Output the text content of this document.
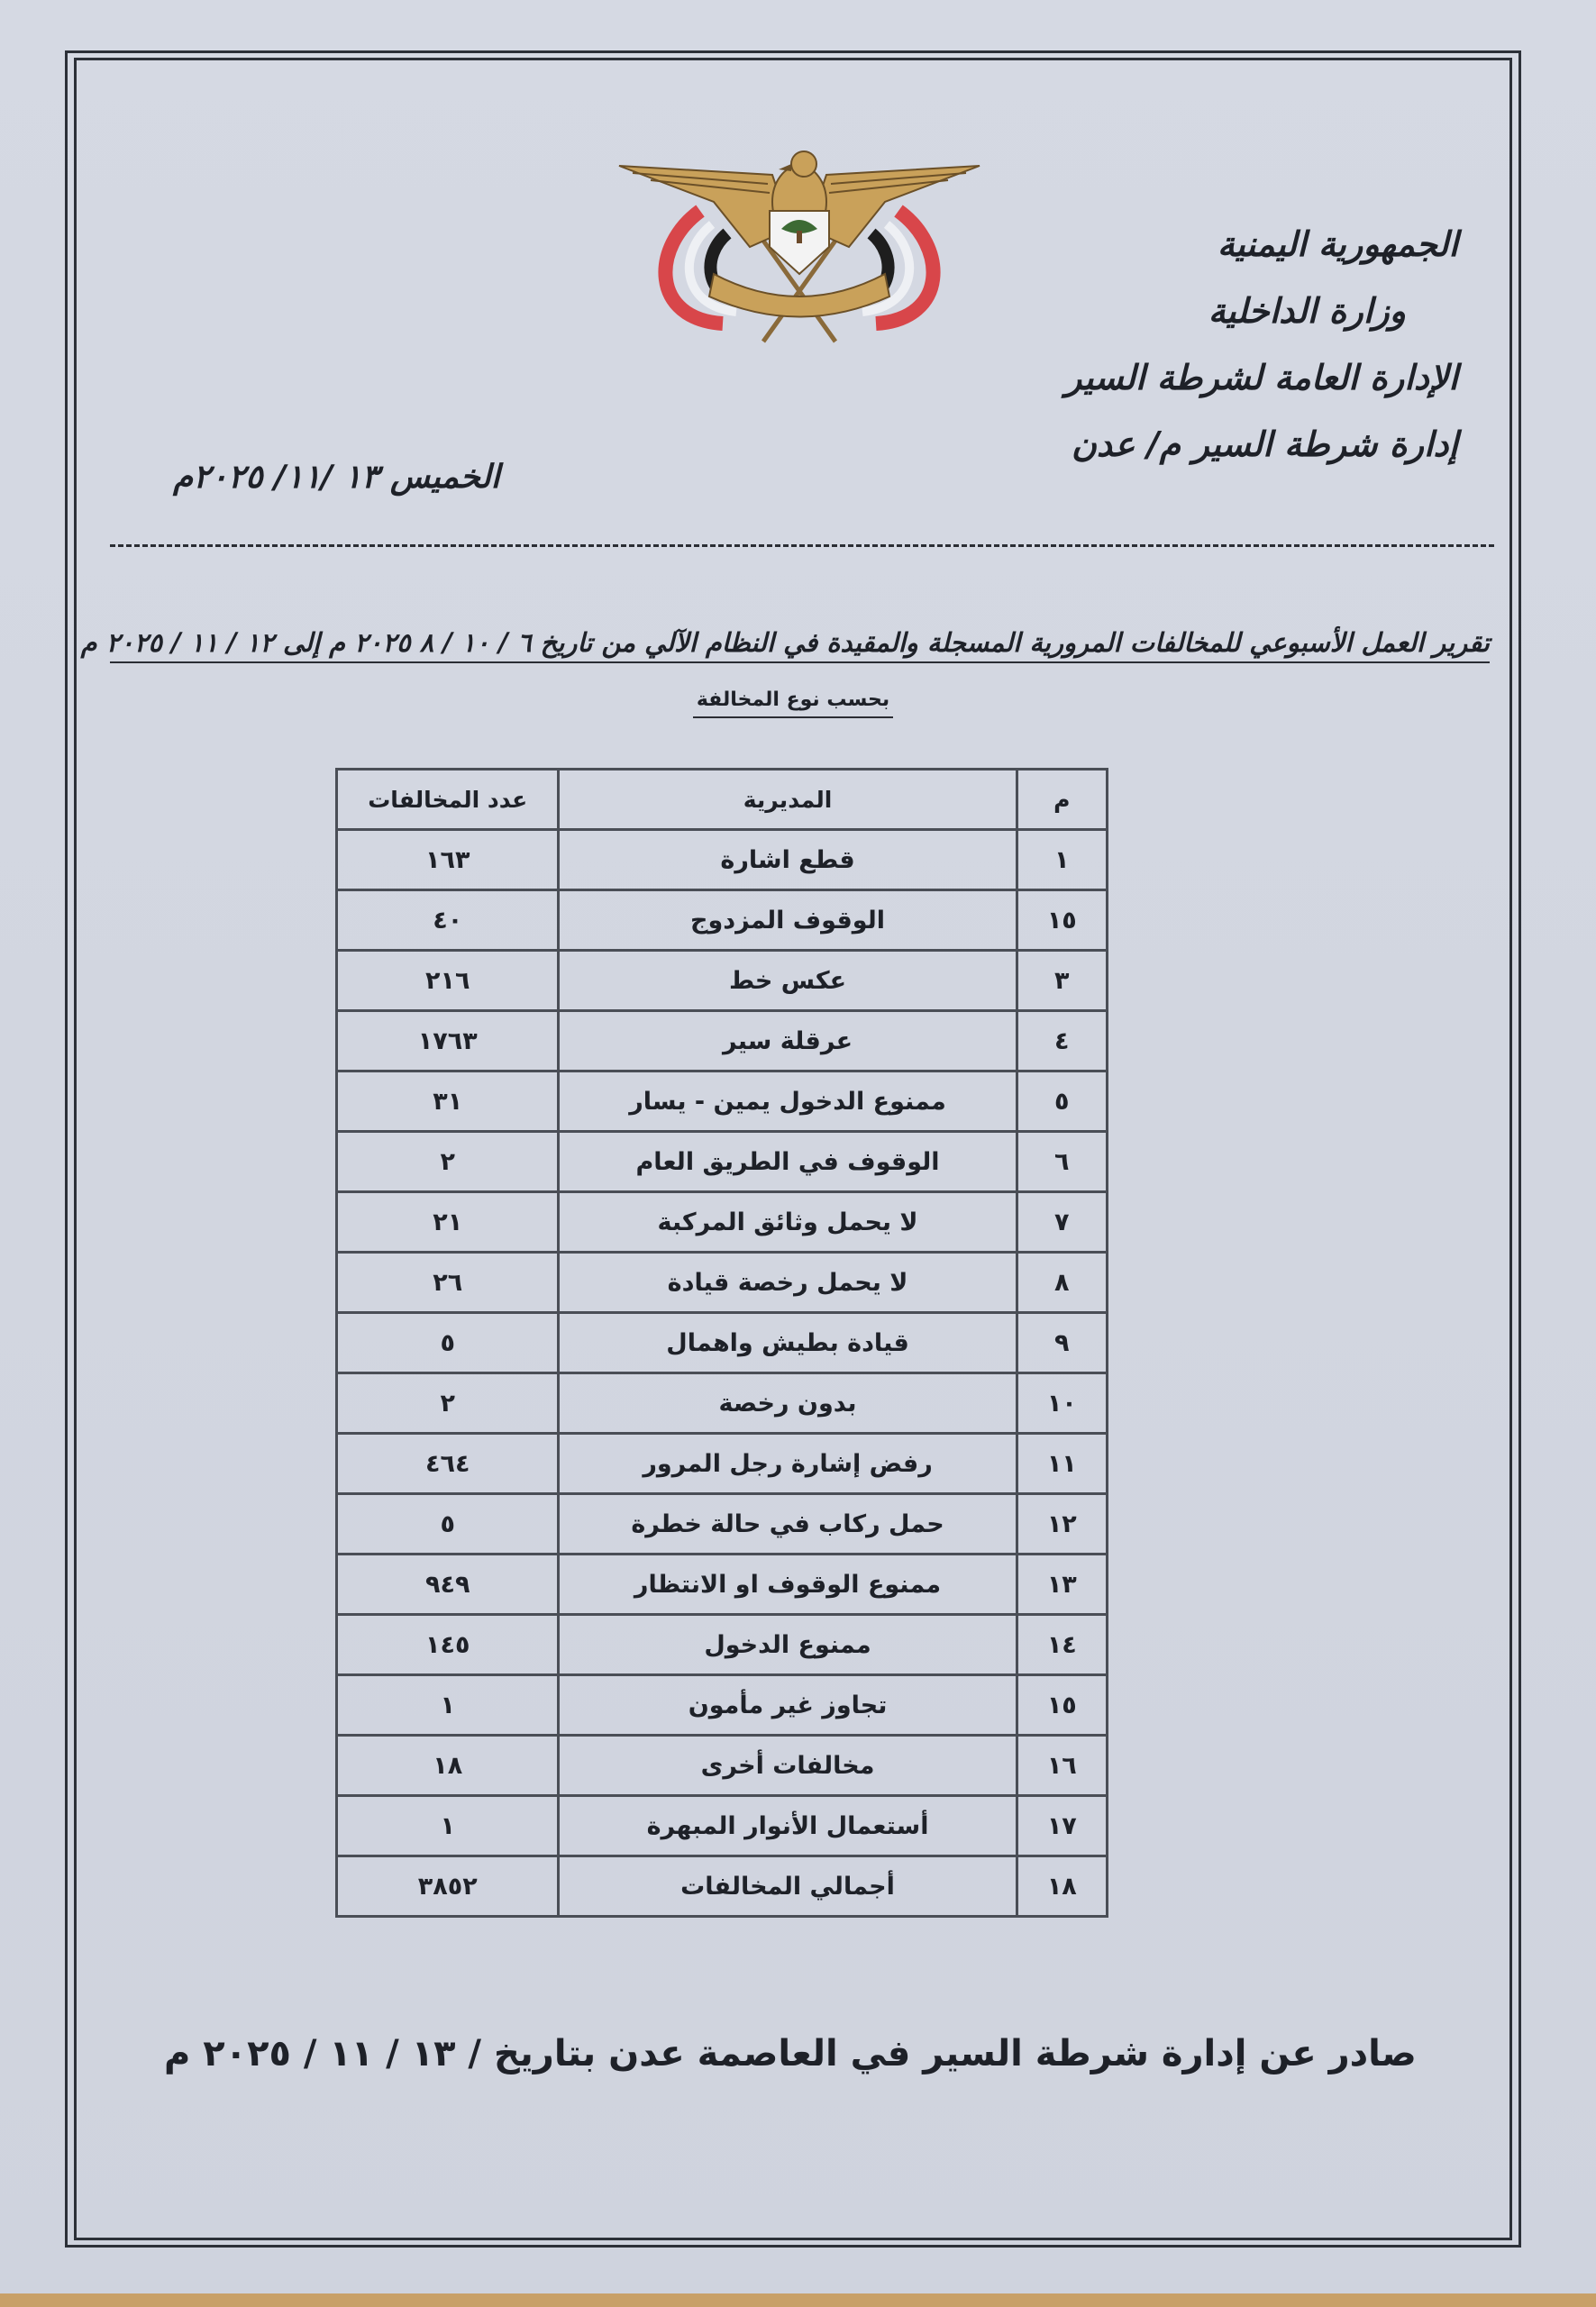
الجمهورية اليمنية
وزارة الداخلية
الإدارة العامة لشرطة السير
إدارة شرطة السير م/ عدن
الخميس ١٣ /١١/ ٢٠٢٥م
تقرير العمل الأسبوعي للمخالفات المرورية المسجلة والمقيدة في النظام الآلي من تاريخ ٦ / ١٠ / ٨ ٢٠٢٥ م إلى ١٢ / ١١ / ٢٠٢٥ م
بحسب نوع المخالفة
م	المديرية	عدد المخالفات
١	قطع اشارة	١٦٣
١٥	الوقوف المزدوج	٤٠
٣	عكس خط	٢١٦
٤	عرقلة سير	١٧٦٣
٥	ممنوع الدخول يمين - يسار	٣١
٦	الوقوف في الطريق العام	٢
٧	لا يحمل وثائق المركبة	٢١
٨	لا يحمل رخصة قيادة	٢٦
٩	قيادة بطيش واهمال	٥
١٠	بدون رخصة	٢
١١	رفض إشارة رجل المرور	٤٦٤
١٢	حمل ركاب في حالة خطرة	٥
١٣	ممنوع الوقوف او الانتظار	٩٤٩
١٤	ممنوع الدخول	١٤٥
١٥	تجاوز غير مأمون	١
١٦	مخالفات أخرى	١٨
١٧	أستعمال الأنوار المبهرة	١
١٨	أجمالي المخالفات	٣٨٥٢
صادر عن إدارة شرطة السير في العاصمة عدن بتاريخ / ١٣ / ١١ / ٢٠٢٥ م
